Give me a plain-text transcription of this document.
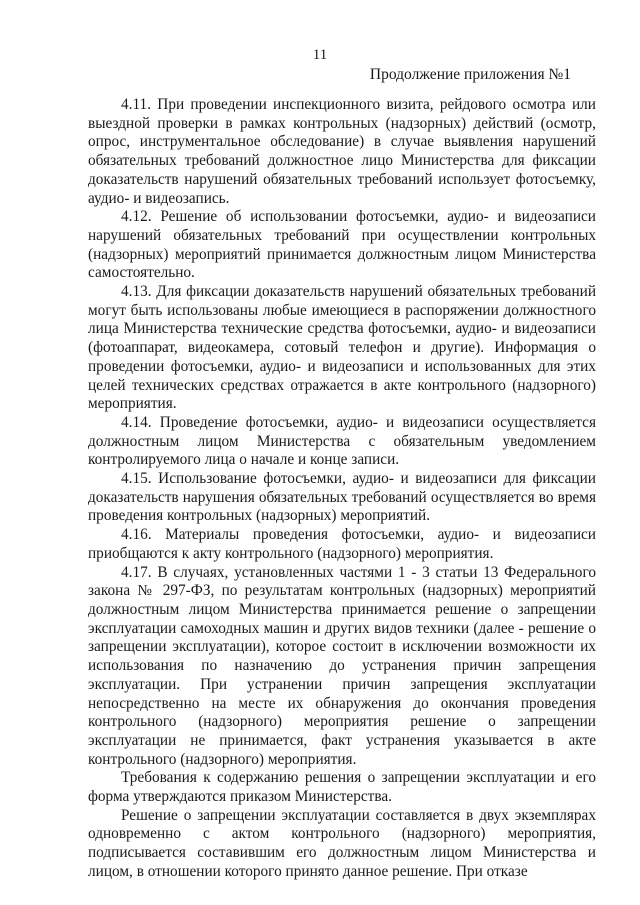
11
Продолжение приложения №1

4.11. При проведении инспекционного визита, рейдового осмотра или выездной проверки в рамках контрольных (надзорных) действий (осмотр, опрос, инструментальное обследование) в случае выявления нарушений обязательных требований должностное лицо Министерства для фиксации доказательств нарушений обязательных требований использует фотосъемку, аудио- и видеозапись.

4.12. Решение об использовании фотосъемки, аудио- и видеозаписи нарушений обязательных требований при осуществлении контрольных (надзорных) мероприятий принимается должностным лицом Министерства самостоятельно.

4.13. Для фиксации доказательств нарушений обязательных требований могут быть использованы любые имеющиеся в распоряжении должностного лица Министерства технические средства фотосъемки, аудио- и видеозаписи (фотоаппарат, видеокамера, сотовый телефон и другие). Информация о проведении фотосъемки, аудио- и видеозаписи и использованных для этих целей технических средствах отражается в акте контрольного (надзорного) мероприятия.

4.14. Проведение фотосъемки, аудио- и видеозаписи осуществляется должностным лицом Министерства с обязательным уведомлением контролируемого лица о начале и конце записи.

4.15. Использование фотосъемки, аудио- и видеозаписи для фиксации доказательств нарушения обязательных требований осуществляется во время проведения контрольных (надзорных) мероприятий.

4.16. Материалы проведения фотосъемки, аудио- и видеозаписи приобщаются к акту контрольного (надзорного) мероприятия.

4.17. В случаях, установленных частями 1 - 3 статьи 13 Федерального закона № 297-ФЗ, по результатам контрольных (надзорных) мероприятий должностным лицом Министерства принимается решение о запрещении эксплуатации самоходных машин и других видов техники (далее - решение о запрещении эксплуатации), которое состоит в исключении возможности их использования по назначению до устранения причин запрещения эксплуатации. При устранении причин запрещения эксплуатации непосредственно на месте их обнаружения до окончания проведения контрольного (надзорного) мероприятия решение о запрещении эксплуатации не принимается, факт устранения указывается в акте контрольного (надзорного) мероприятия.

Требования к содержанию решения о запрещении эксплуатации и его форма утверждаются приказом Министерства.

Решение о запрещении эксплуатации составляется в двух экземплярах одновременно с актом контрольного (надзорного) мероприятия, подписывается составившим его должностным лицом Министерства и лицом, в отношении которого принято данное решение. При отказе
